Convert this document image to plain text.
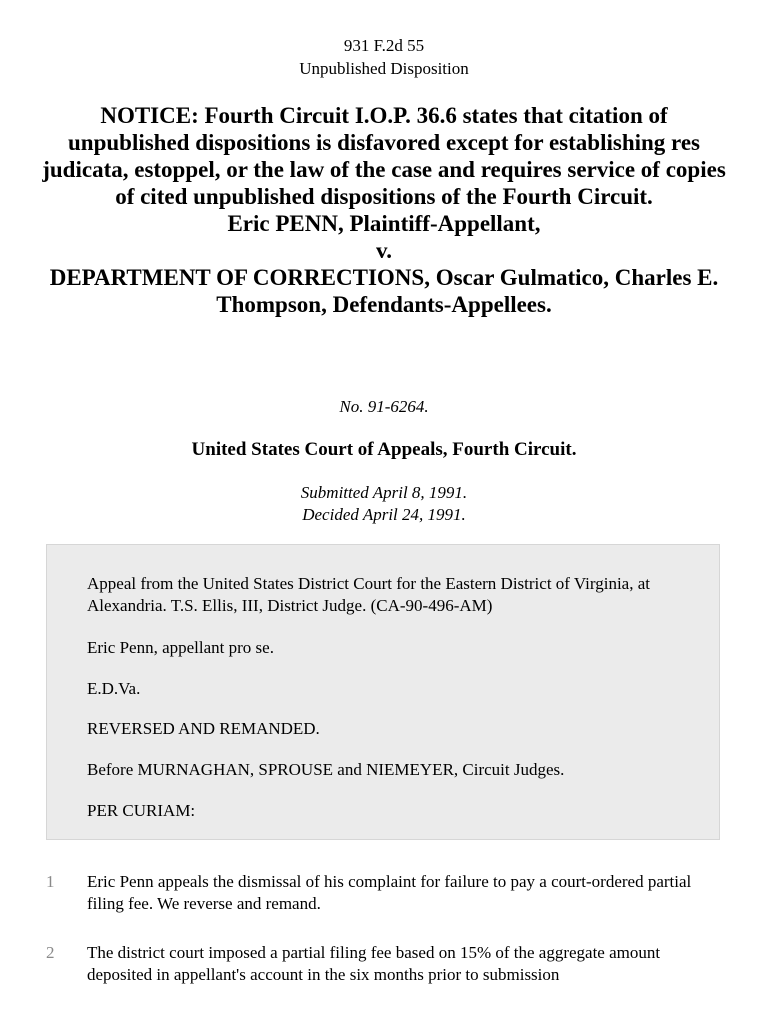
931 F.2d 55
Unpublished Disposition
NOTICE: Fourth Circuit I.O.P. 36.6 states that citation of unpublished dispositions is disfavored except for establishing res judicata, estoppel, or the law of the case and requires service of copies of cited unpublished dispositions of the Fourth Circuit.
Eric PENN, Plaintiff-Appellant,
v.
DEPARTMENT OF CORRECTIONS, Oscar Gulmatico, Charles E.
Thompson, Defendants-Appellees.
No. 91-6264.
United States Court of Appeals, Fourth Circuit.
Submitted April 8, 1991.
Decided April 24, 1991.

Appeal from the United States District Court for the Eastern District of Virginia, at Alexandria. T.S. Ellis, III, District Judge. (CA-90-496-AM)

Eric Penn, appellant pro se.

E.D.Va.

REVERSED AND REMANDED.

Before MURNAGHAN, SPROUSE and NIEMEYER, Circuit Judges.

PER CURIAM:

1 Eric Penn appeals the dismissal of his complaint for failure to pay a court-ordered partial filing fee. We reverse and remand.
2 The district court imposed a partial filing fee based on 15% of the aggregate amount deposited in appellant's account in the six months prior to submission
